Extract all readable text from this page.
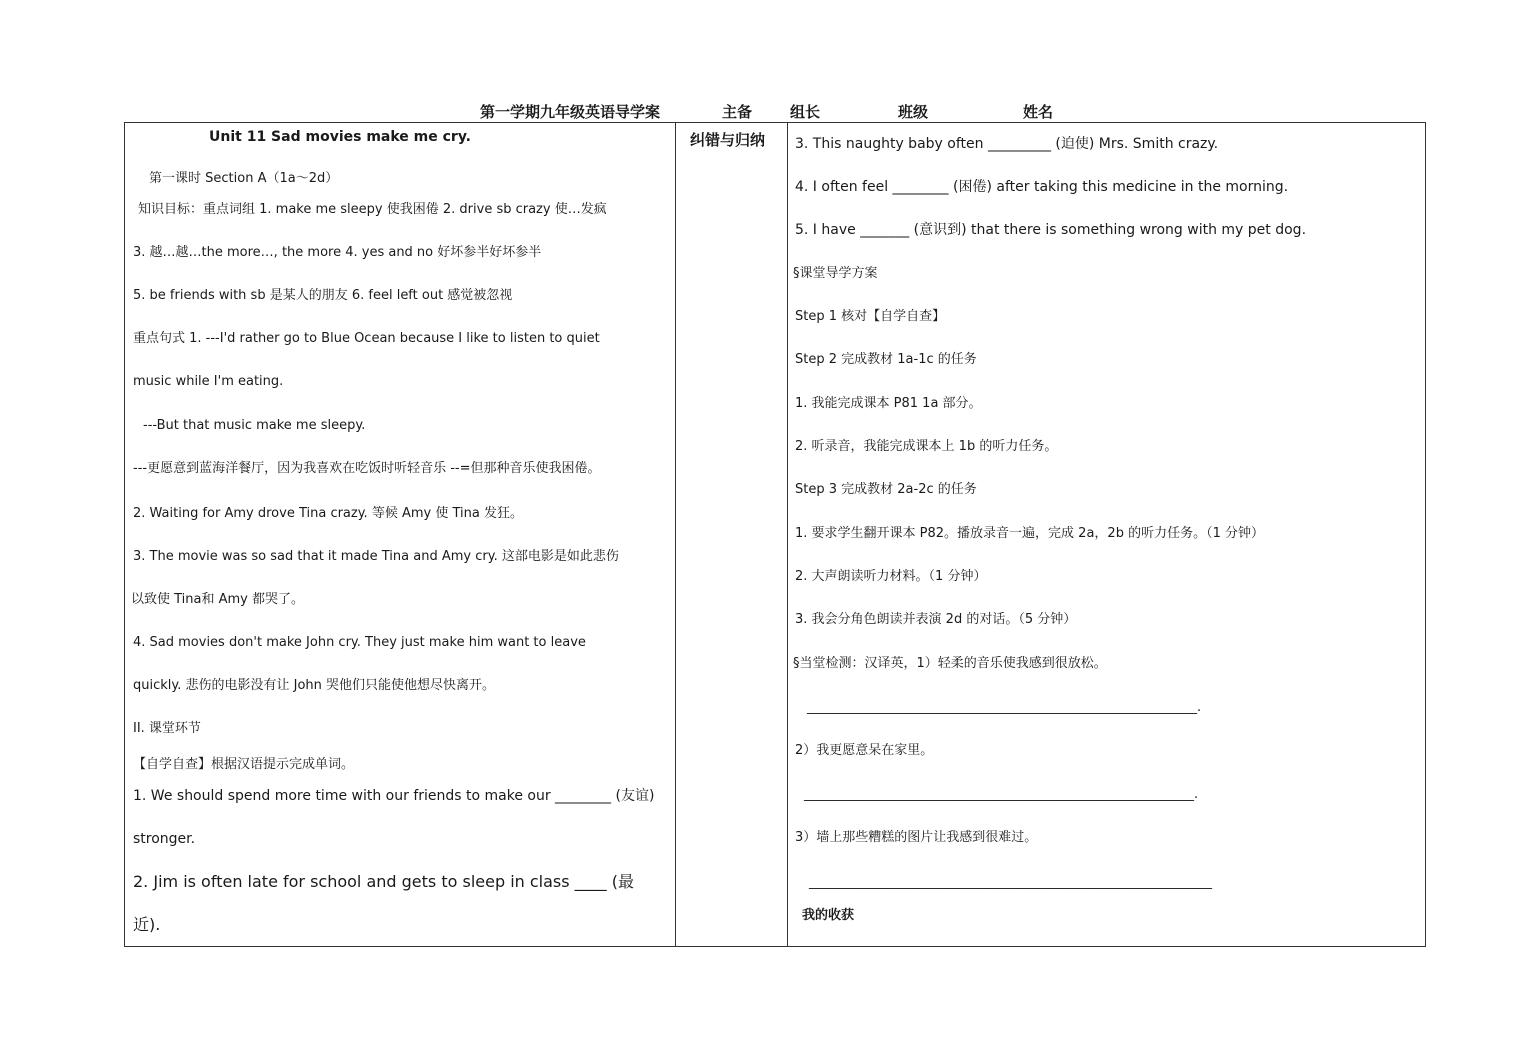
第一学期九年级英语导学案	主备	组长	班级	姓名
Unit 11 Sad movies make me cry.
第一课时 Section A（1a～2d）
知识目标：重点词组 1. make me sleepy 使我困倦 2. drive sb crazy 使…发疯
3. 越…越…the more…, the more 4. yes and no 好坏参半好坏参半
5. be friends with sb 是某人的朋友 6. feel left out 感觉被忽视
重点句式 1. ---I'd rather go to Blue Ocean because I like to listen to quiet
music while I'm eating.
---But that music make me sleepy.
---更愿意到蓝海洋餐厅，因为我喜欢在吃饭时听轻音乐 --=但那种音乐使我困倦。
2. Waiting for Amy drove Tina crazy. 等候 Amy 使 Tina 发狂。
3. The movie was so sad that it made Tina and Amy cry. 这部电影是如此悲伤
以致使 Tina和 Amy 都哭了。
4. Sad movies don't make John cry. They just make him want to leave
quickly. 悲伤的电影没有让 John 哭他们只能使他想尽快离开。
II. 课堂环节
【自学自查】根据汉语提示完成单词。
1. We should spend more time with our friends to make our ________ (友谊)
stronger.
2. Jim is often late for school and gets to sleep in class ____ (最
近).
纠错与归纳 3. This naughty baby often _________ (迫使) Mrs. Smith crazy.
4. I often feel ________ (困倦) after taking this medicine in the morning.
5. I have _______ (意识到) that there is something wrong with my pet dog.
§课堂导学方案
Step 1 核对【自学自查】
Step 2 完成教材 1a-1c 的任务
1. 我能完成课本 P81 1a 部分。
2. 听录音，我能完成课本上 1b 的听力任务。
Step 3 完成教材 2a-2c 的任务
1. 要求学生翻开课本 P82。播放录音一遍，完成 2a，2b 的听力任务。（1 分钟）
2. 大声朗读听力材料。（1 分钟）
3. 我会分角色朗读并表演 2d 的对话。（5 分钟）
§当堂检测：汉译英，1）轻柔的音乐使我感到很放松。
____________________________________________________________.
2）我更愿意呆在家里。
____________________________________________________________.
3）墙上那些糟糕的图片让我感到很难过。
______________________________________________________________
我的收获
